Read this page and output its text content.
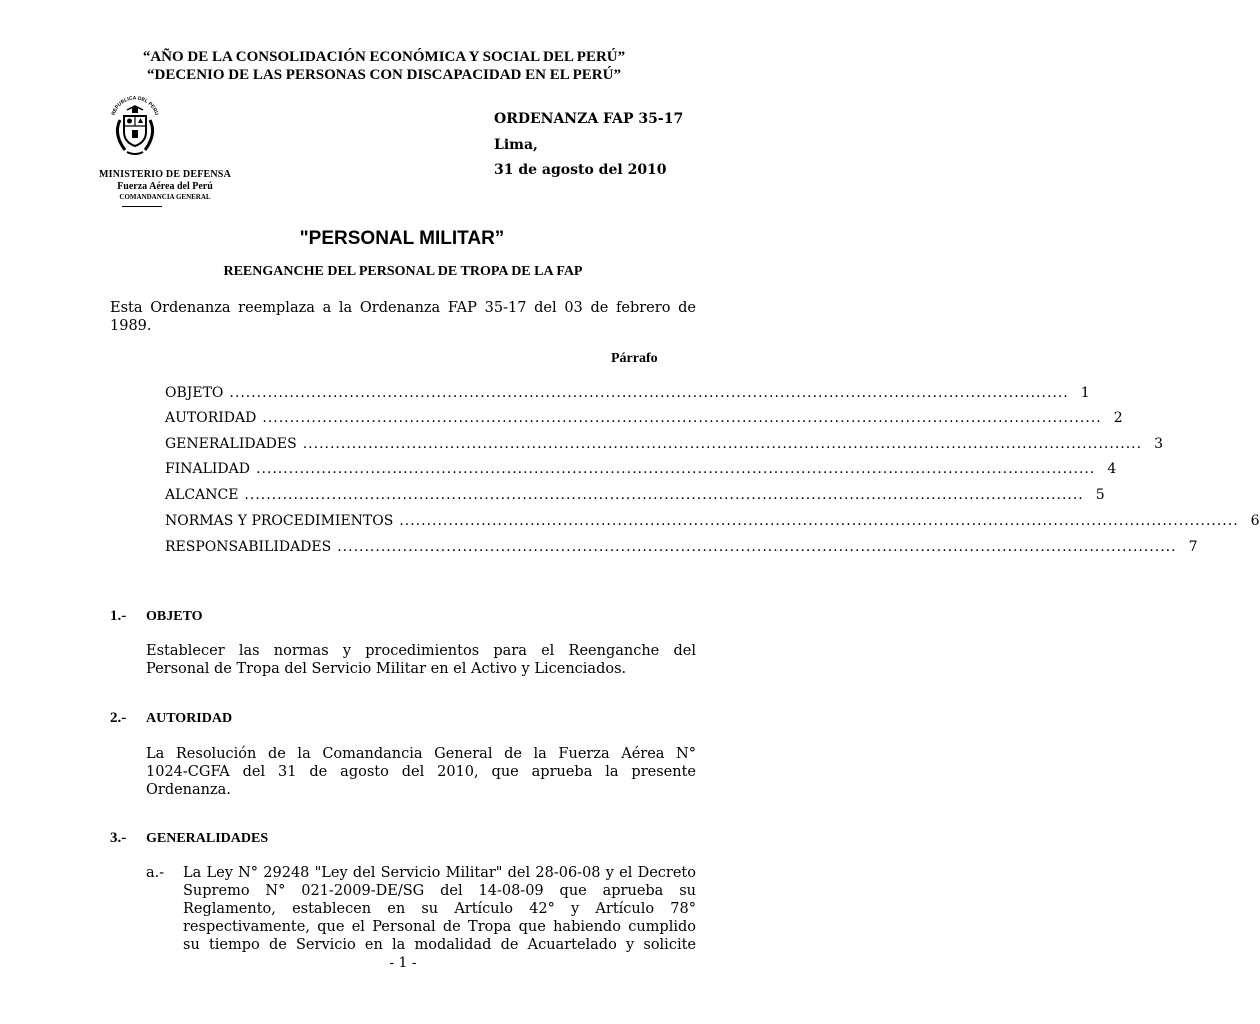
“AÑO DE LA CONSOLIDACIÓN ECONÓMICA Y SOCIAL DEL PERÚ”
“DECENIO DE LAS PERSONAS CON DISCAPACIDAD EN EL PERÚ”
REPUBLICA DEL PERU
MINISTERIO DE DEFENSA
Fuerza Aérea del Perú
COMANDANCIA GENERAL
ORDENANZA FAP 35-17
Lima,
31 de agosto del 2010
"PERSONAL MILITAR”
REENGANCHE DEL PERSONAL DE TROPA DE LA FAP
Esta Ordenanza reemplaza a la Ordenanza FAP 35-17 del 03 de febrero de
1989.
Párrafo
OBJETO .......................................................................................................................................................... 1
AUTORIDAD .......................................................................................................................................................... 2
GENERALIDADES .......................................................................................................................................................... 3
FINALIDAD .......................................................................................................................................................... 4
ALCANCE .......................................................................................................................................................... 5
NORMAS Y PROCEDIMIENTOS .......................................................................................................................................................... 6
RESPONSABILIDADES .......................................................................................................................................................... 7
1.- OBJETO
Establecer las normas y procedimientos para el Reenganche del
Personal de Tropa del Servicio Militar en el Activo y Licenciados.
2.- AUTORIDAD
La Resolución de la Comandancia General de la Fuerza Aérea N°
1024-CGFA del 31 de agosto del 2010, que aprueba la presente
Ordenanza.
3.- GENERALIDADES
a.- La Ley N° 29248 "Ley del Servicio Militar" del 28-06-08 y el Decreto
Supremo N° 021-2009-DE/SG del 14-08-09 que aprueba su
Reglamento, establecen en su Artículo 42° y Artículo 78°
respectivamente, que el Personal de Tropa que habiendo cumplido
su tiempo de Servicio en la modalidad de Acuartelado y solicite
- 1 -
